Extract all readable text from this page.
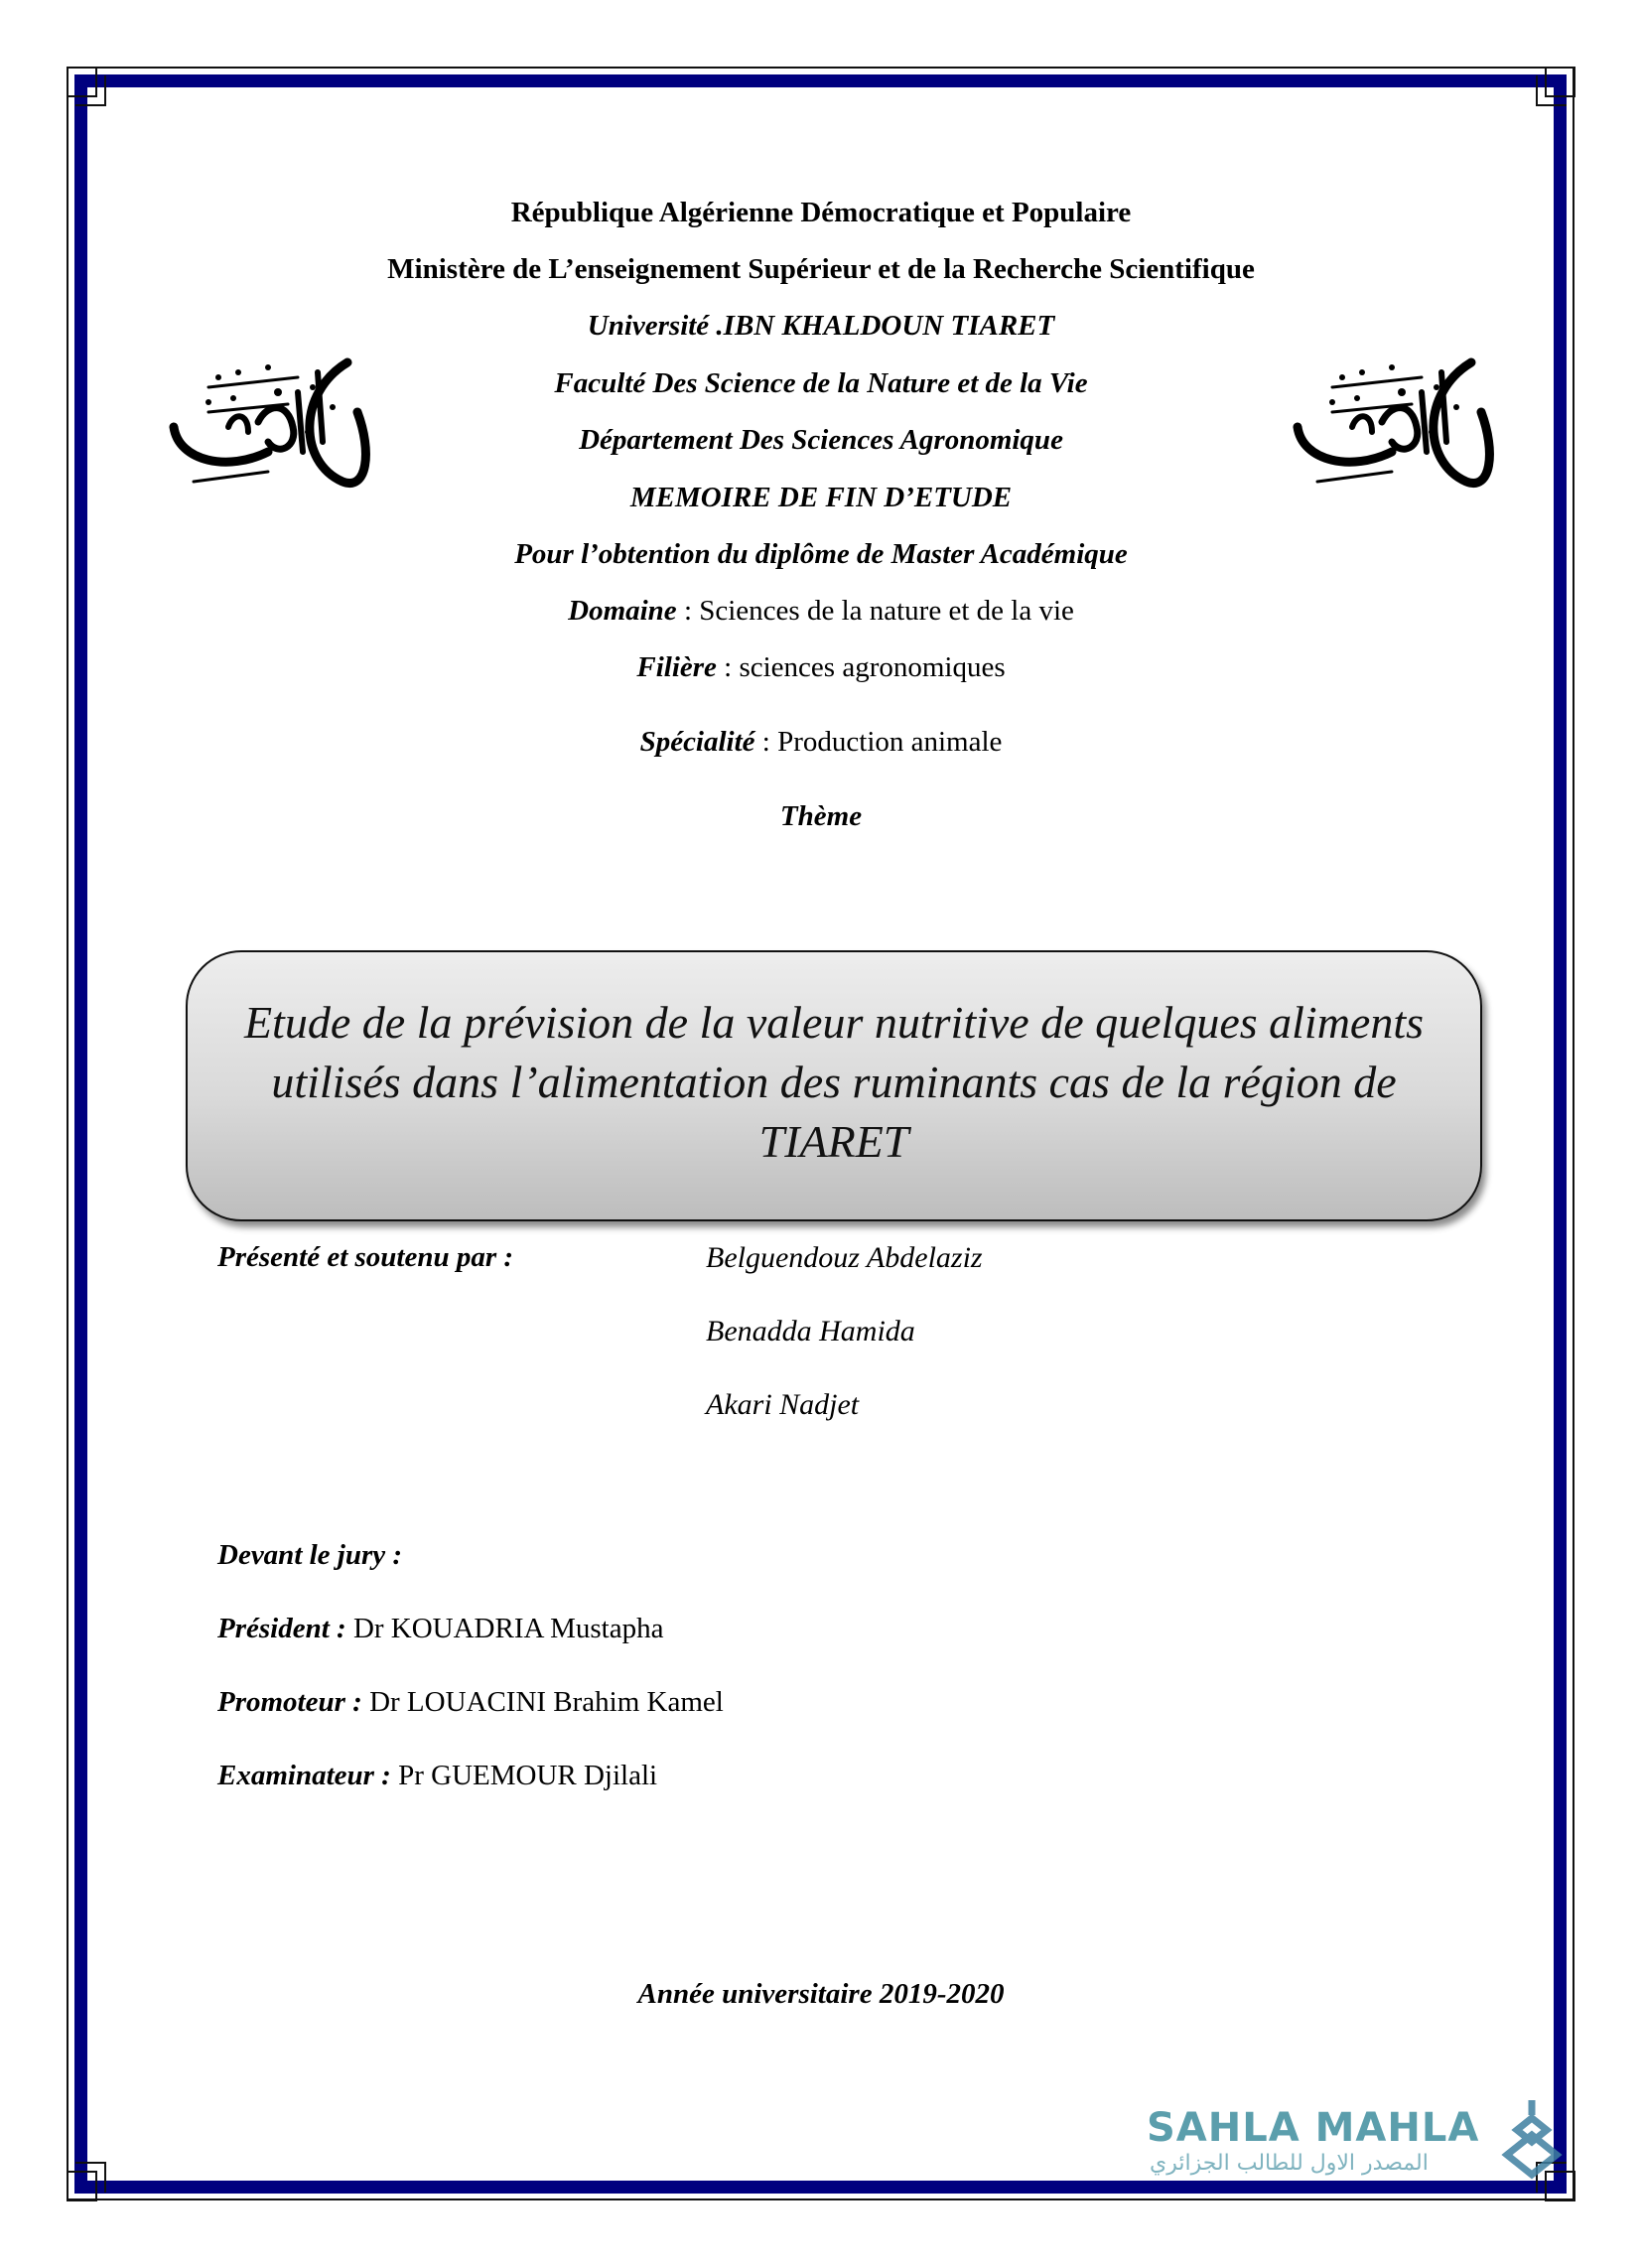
République Algérienne Démocratique et Populaire
Ministère de L’enseignement Supérieur et de la Recherche Scientifique
Université .IBN KHALDOUN TIARET
Faculté Des Science de la Nature et de la Vie
Département Des Sciences Agronomique
MEMOIRE DE FIN D’ETUDE
Pour l’obtention du diplôme de Master Académique
Domaine : Sciences de la nature et de la vie
Filière : sciences agronomiques
Spécialité : Production animale
Thème
Etude de la prévision de la valeur nutritive de quelques aliments utilisés dans l’alimentation des ruminants cas de la région de TIARET
Présenté et soutenu par :	Belguendouz Abdelaziz
Benadda Hamida
Akari Nadjet
Devant le jury :
Président : Dr KOUADRIA Mustapha
Promoteur : Dr LOUACINI Brahim Kamel
Examinateur : Pr GUEMOUR Djilali
Année universitaire 2019-2020
SAHLA MAHLA
المصدر الاول للطالب الجزائري
